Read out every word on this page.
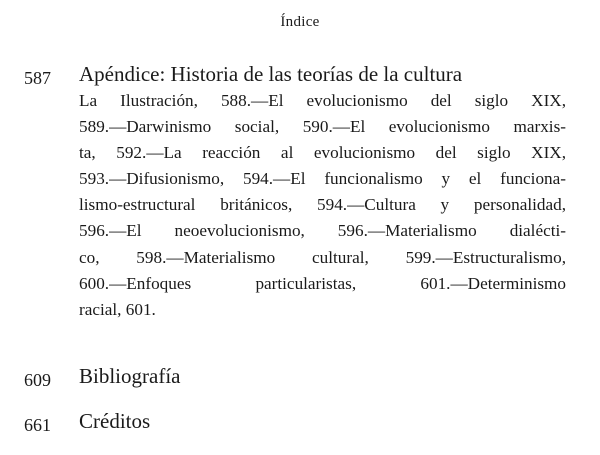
Índice
587 Apéndice: Historia de las teorías de la cultura
La Ilustración, 588.—El evolucionismo del siglo XIX,
589.—Darwinismo social, 590.—El evolucionismo marxis-
ta, 592.—La reacción al evolucionismo del siglo XIX,
593.—Difusionismo, 594.—El funcionalismo y el funciona-
lismo-estructural británicos, 594.—Cultura y personalidad,
596.—El neoevolucionismo, 596.—Materialismo dialécti-
co, 598.—Materialismo cultural, 599.—Estructuralismo,
600.—Enfoques particularistas, 601.—Determinismo
racial, 601.
609 Bibliografía
661 Créditos
